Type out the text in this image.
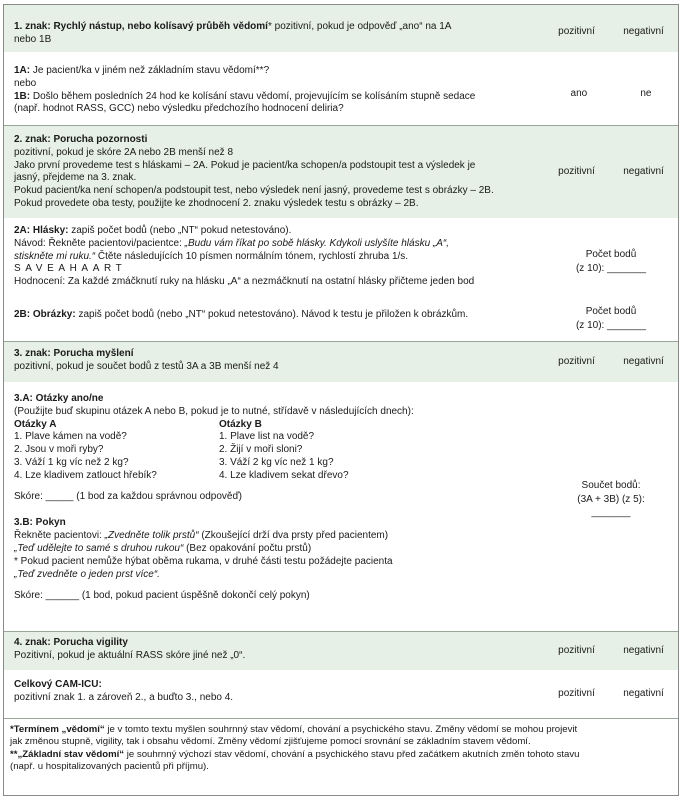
1. znak: Rychlý nástup, nebo kolísavý průběh vědomí* pozitivní, pokud je odpověď „ano“ na 1A
nebo 1B
pozitivní	negativní
1A: Je pacient/ka v jiném než základním stavu vědomí**?
nebo
1B: Došlo během posledních 24 hod ke kolísání stavu vědomí, projevujícím se kolísáním stupně sedace
(např. hodnot RASS, GCC) nebo výsledku předchozího hodnocení deliria?
ano	ne
2. znak: Porucha pozornosti
pozitivní, pokud je skóre 2A nebo 2B menší než 8
Jako první provedeme test s hláskami – 2A. Pokud je pacient/ka schopen/a podstoupit test a výsledek je
jasný, přejdeme na 3. znak.
Pokud pacient/ka není schopen/a podstoupit test, nebo výsledek není jasný, provedeme test s obrázky – 2B.
Pokud provedete oba testy, použijte ke zhodnocení 2. znaku výsledek testu s obrázky – 2B.
pozitivní	negativní
2A: Hlásky: zapiš počet bodů (nebo „NT“ pokud netestováno).
Návod: Řekněte pacientovi/pacientce: „Budu vám říkat po sobě hlásky. Kdykoli uslyšíte hlásku „A“,
stiskněte mi ruku.“ Čtěte následujících 10 písmen normálním tónem, rychlostí zhruba 1/s.
SAVEAHAART
Hodnocení: Za každé zmáčknutí ruky na hlásku „A“ a nezmáčknutí na ostatní hlásky přičteme jeden bod
Počet bodů
(z 10): _______
2B: Obrázky: zapiš počet bodů (nebo „NT“ pokud netestováno). Návod k testu je přiložen k obrázkům.	Počet bodů
(z 10): _______
3. znak: Porucha myšlení
pozitivní, pokud je součet bodů z testů 3A a 3B menší než 4	pozitivní	negativní
3.A: Otázky ano/ne
(Použijte buď skupinu otázek A nebo B, pokud je to nutné, střídavě v následujících dnech):
Otázky A
1. Plave kámen na vodě?
2. Jsou v moři ryby?
3. Váží 1 kg víc než 2 kg?
4. Lze kladivem zatlouct hřebík?
Otázky B
1. Plave list na vodě?
2. Žijí v moři sloni?
3. Váží 2 kg víc než 1 kg?
4. Lze kladivem sekat dřevo?
Skóre: _____ (1 bod za každou správnou odpověď)
3.B: Pokyn
Řekněte pacientovi: „Zvedněte tolik prstů“ (Zkoušející drží dva prsty před pacientem)
„Teď udělejte to samé s druhou rukou“ (Bez opakování počtu prstů)
* Pokud pacient nemůže hýbat oběma rukama, v druhé části testu požádejte pacienta
„Teď zvedněte o jeden prst více“.
Skóre: ______ (1 bod, pokud pacient úspěšně dokončí celý pokyn)
Součet bodů:
(3A + 3B) (z 5):
_______
4. znak: Porucha vigility
Pozitivní, pokud je aktuální RASS skóre jiné než „0“.	pozitivní	negativní
Celkový CAM-ICU:
pozitivní znak 1. a zároveň 2., a buďto 3., nebo 4.	pozitivní	negativní
*Termínem „vědomí“ je v tomto textu myšlen souhrnný stav vědomí, chování a psychického stavu. Změny vědomí se mohou projevit
jak změnou stupně, vigility, tak i obsahu vědomí. Změny vědomí zjišťujeme pomocí srovnání se základním stavem vědomí.
**„Základní stav vědomí“ je souhrnný výchozí stav vědomí, chování a psychického stavu před začátkem akutních změn tohoto stavu
(např. u hospitalizovaných pacientů při příjmu).
